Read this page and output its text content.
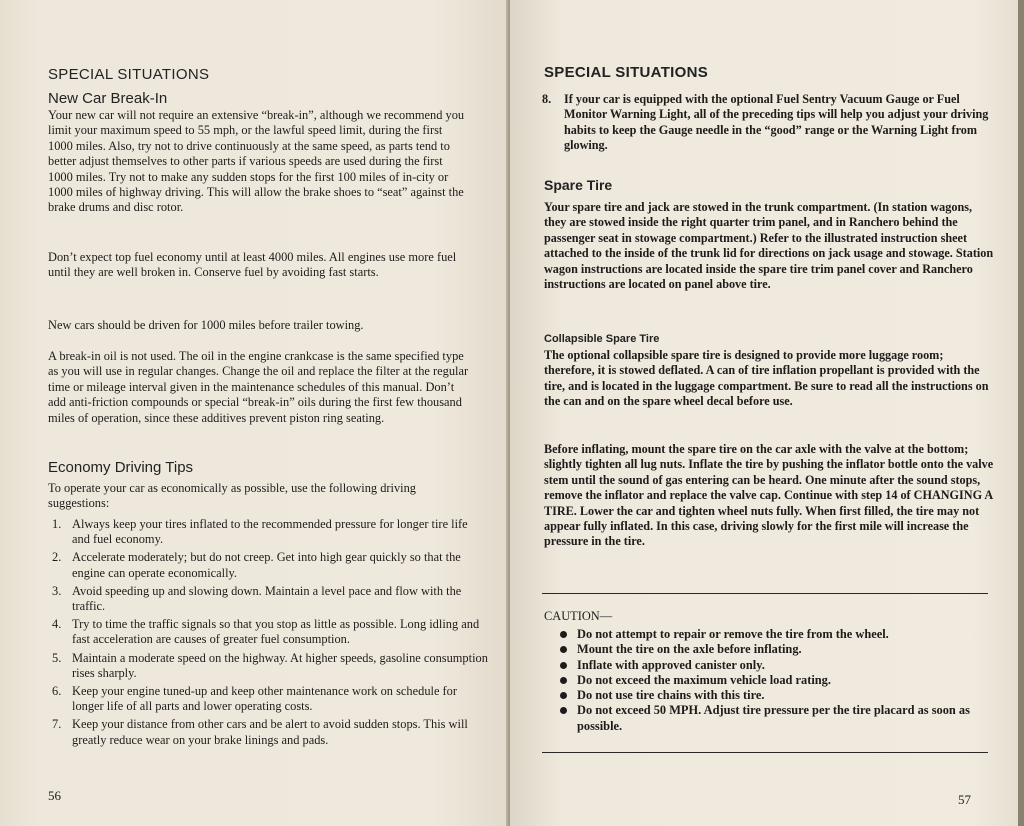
SPECIAL SITUATIONS
New Car Break-In

Your new car will not require an extensive “break-in”, although we recommend you limit your maximum speed to 55 mph, or the lawful speed limit, during the first 1000 miles. Also, try not to drive continuously at the same speed, as parts tend to better adjust themselves to other parts if various speeds are used during the first 1000 miles. Try not to make any sudden stops for the first 100 miles of in-city or 1000 miles of highway driving. This will allow the brake shoes to “seat” against the brake drums and disc rotor.

Don’t expect top fuel economy until at least 4000 miles. All engines use more fuel until they are well broken in. Conserve fuel by avoiding fast starts.

New cars should be driven for 1000 miles before trailer towing.

A break-in oil is not used. The oil in the engine crankcase is the same specified type as you will use in regular changes. Change the oil and replace the filter at the regular time or mileage interval given in the maintenance schedules of this manual. Don’t add anti-friction compounds or special “break-in” oils during the first few thousand miles of operation, since these additives prevent piston ring seating.

Economy Driving Tips

To operate your car as economically as possible, use the following driving suggestions:

1. Always keep your tires inflated to the recommended pressure for longer tire life and fuel economy.
2. Accelerate moderately; but do not creep. Get into high gear quickly so that the engine can operate economically.
3. Avoid speeding up and slowing down. Maintain a level pace and flow with the traffic.
4. Try to time the traffic signals so that you stop as little as possible. Long idling and fast acceleration are causes of greater fuel consumption.
5. Maintain a moderate speed on the highway. At higher speeds, gasoline consumption rises sharply.
6. Keep your engine tuned-up and keep other maintenance work on schedule for longer life of all parts and lower operating costs.
7. Keep your distance from other cars and be alert to avoid sudden stops. This will greatly reduce wear on your brake linings and pads.
56
SPECIAL SITUATIONS
8. If your car is equipped with the optional Fuel Sentry Vacuum Gauge or Fuel Monitor Warning Light, all of the preceding tips will help you adjust your driving habits to keep the Gauge needle in the “good” range or the Warning Light from glowing.
Spare Tire

Your spare tire and jack are stowed in the trunk compartment. (In station wagons, they are stowed inside the right quarter trim panel, and in Ranchero behind the passenger seat in stowage compartment.) Refer to the illustrated instruction sheet attached to the inside of the trunk lid for directions on jack usage and stowage. Station wagon instructions are located inside the spare tire trim panel cover and Ranchero instructions are located on panel above tire.

Collapsible Spare Tire

The optional collapsible spare tire is designed to provide more luggage room; therefore, it is stowed deflated. A can of tire inflation propellant is provided with the tire, and is located in the luggage compartment. Be sure to read all the instructions on the can and on the spare wheel decal before use.

Before inflating, mount the spare tire on the car axle with the valve at the bottom; slightly tighten all lug nuts. Inflate the tire by pushing the inflator bottle onto the valve stem until the sound of gas entering can be heard. One minute after the sound stops, remove the inflator and replace the valve cap. Continue with step 14 of CHANGING A TIRE. Lower the car and tighten wheel nuts fully. When first filled, the tire may not appear fully inflated. In this case, driving slowly for the first mile will increase the pressure in the tire.

CAUTION—
Do not attempt to repair or remove the tire from the wheel.
Mount the tire on the axle before inflating.
Inflate with approved canister only.
Do not exceed the maximum vehicle load rating.
Do not use tire chains with this tire.
Do not exceed 50 MPH. Adjust tire pressure per the tire placard as soon as possible.
57
